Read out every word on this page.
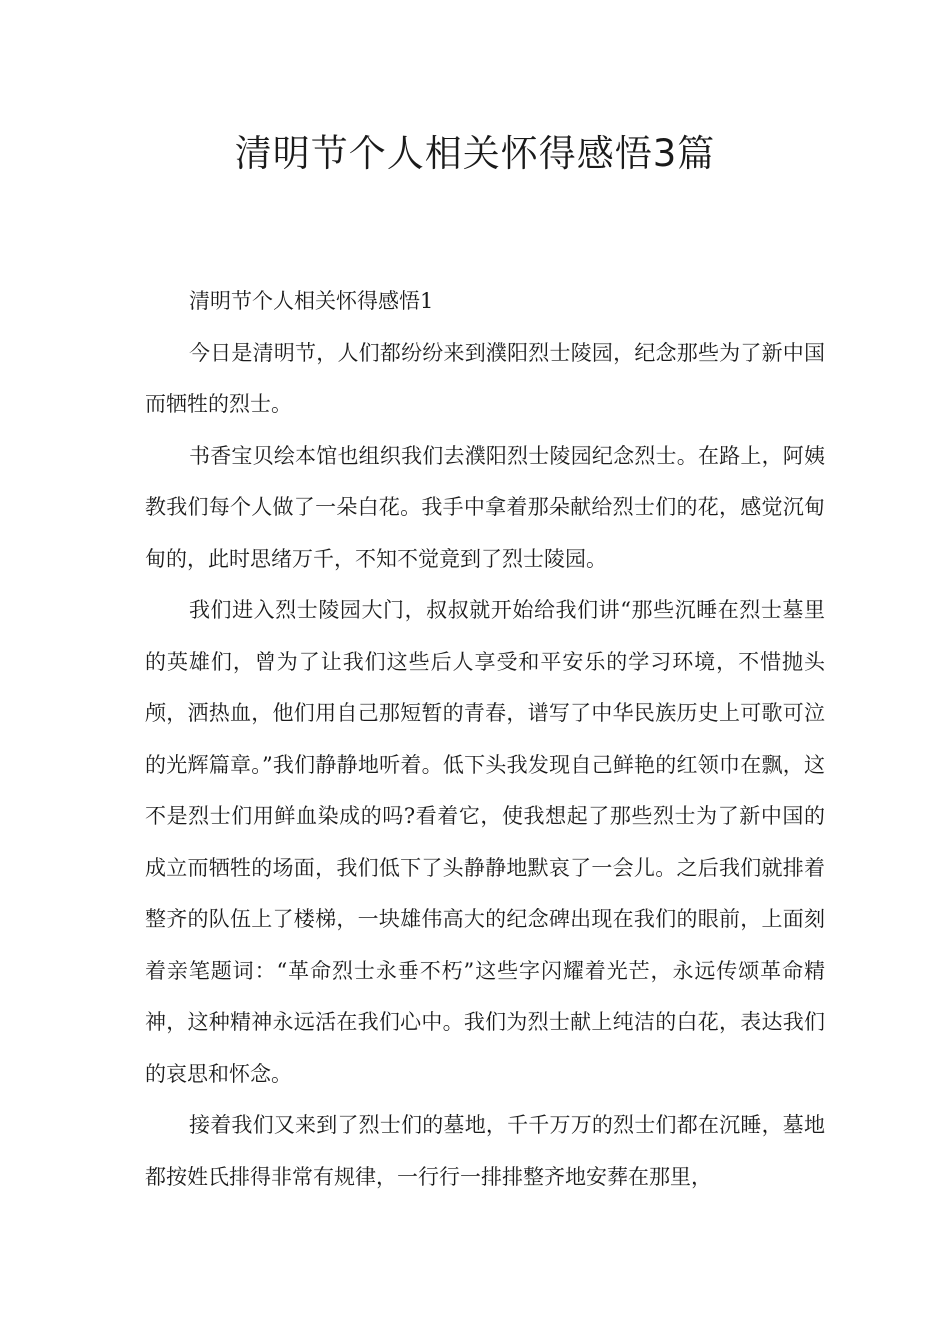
清明节个人相关怀得感悟3篇

清明节个人相关怀得感悟1

今日是清明节，人们都纷纷来到濮阳烈士陵园，纪念那些为了新中国而牺牲的烈士。

书香宝贝绘本馆也组织我们去濮阳烈士陵园纪念烈士。在路上，阿姨教我们每个人做了一朵白花。我手中拿着那朵献给烈士们的花，感觉沉甸甸的，此时思绪万千，不知不觉竟到了烈士陵园。

我们进入烈士陵园大门，叔叔就开始给我们讲“那些沉睡在烈士墓里的英雄们，曾为了让我们这些后人享受和平安乐的学习环境，不惜抛头颅，洒热血，他们用自己那短暂的青春，谱写了中华民族历史上可歌可泣的光辉篇章。”我们静静地听着。低下头我发现自己鲜艳的红领巾在飘，这不是烈士们用鲜血染成的吗?看着它，使我想起了那些烈士为了新中国的成立而牺牲的场面，我们低下了头静静地默哀了一会儿。之后我们就排着整齐的队伍上了楼梯，一块雄伟高大的纪念碑出现在我们的眼前，上面刻着亲笔题词：“革命烈士永垂不朽”这些字闪耀着光芒，永远传颂革命精神，这种精神永远活在我们心中。我们为烈士献上纯洁的白花，表达我们的哀思和怀念。

接着我们又来到了烈士们的墓地，千千万万的烈士们都在沉睡，墓地都按姓氏排得非常有规律，一行行一排排整齐地安葬在那里，
